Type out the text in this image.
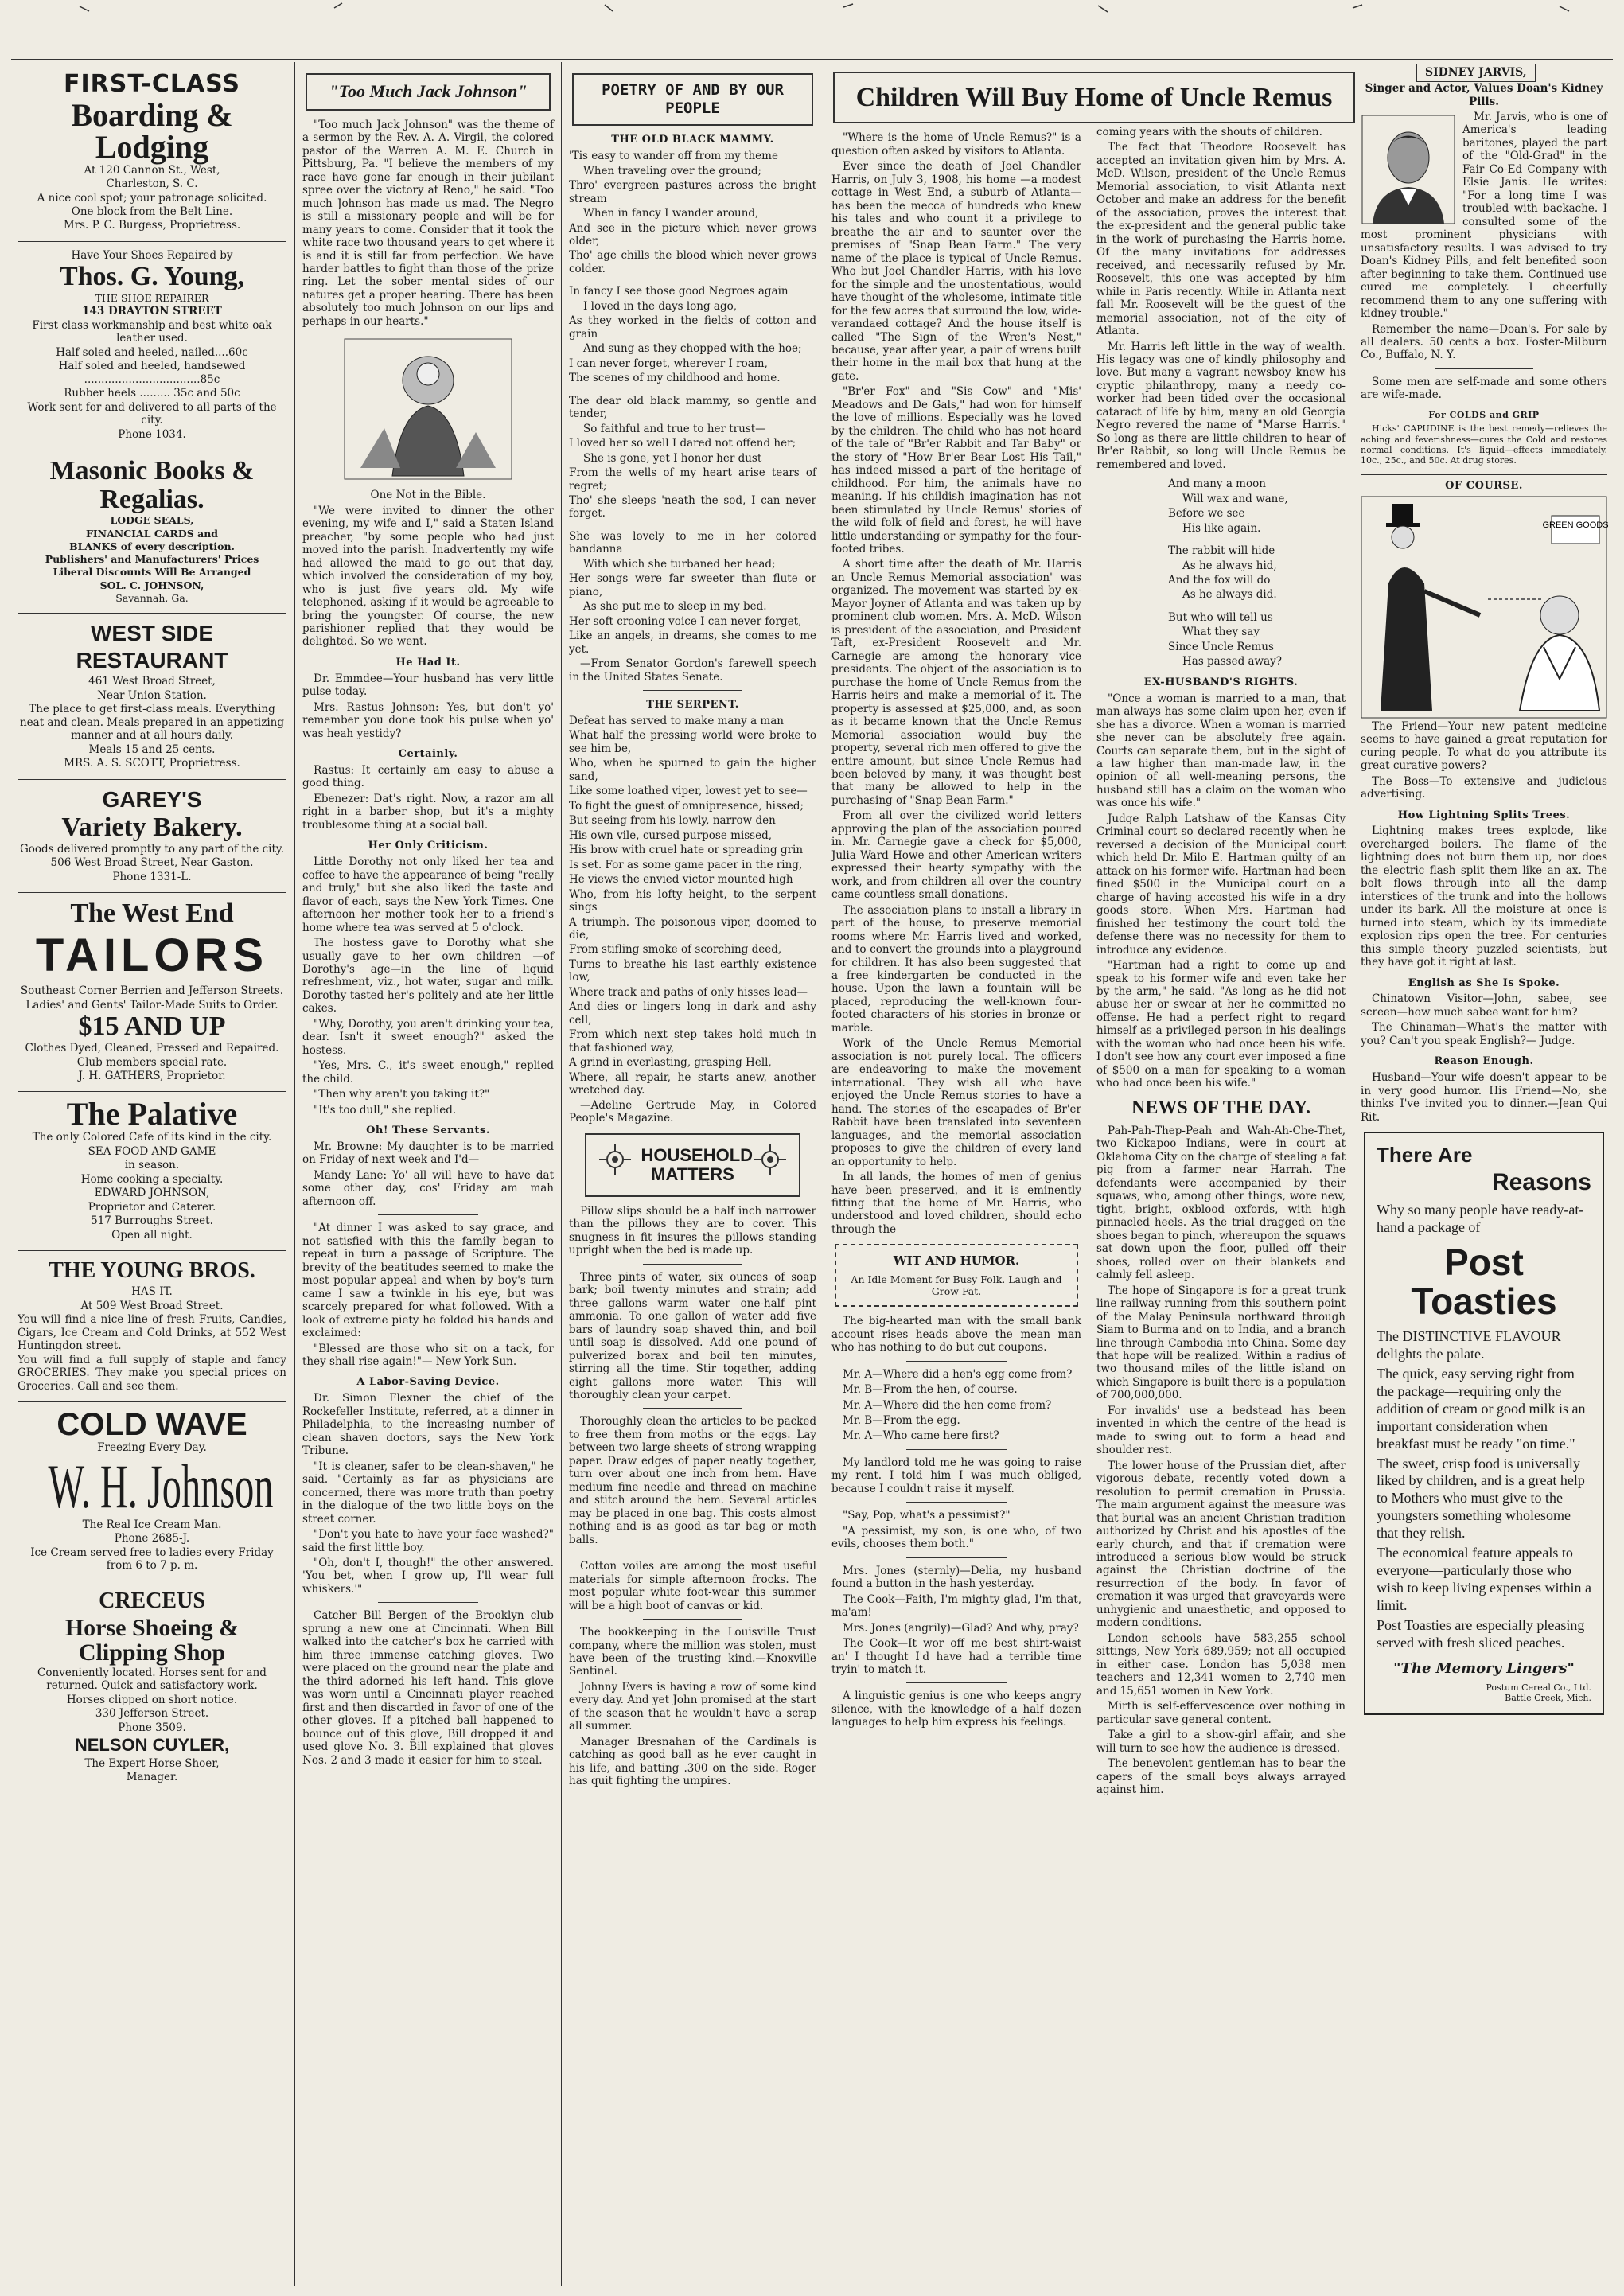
FIRST-CLASS
Boarding & Lodging

At 120 Cannon St., West,

Charleston, S. C.

A nice cool spot; your patronage solicited.

One block from the Belt Line.

Mrs. P. C. Burgess, Proprietress.

Have Your Shoes Repaired by

Thos. G. Young,

THE SHOE REPAIRER

143 DRAYTON STREET

First class workmanship and best white oak leather used.

Half soled and heeled, nailed....60c

Half soled and heeled, handsewed ..................................85c

Rubber heels ......... 35c and 50c

Work sent for and delivered to all parts of the city.

Phone 1034.

Masonic Books &
Regalias.

LODGE SEALS,

FINANCIAL CARDS and

BLANKS of every description.

Publishers' and Manufacturers' Prices

Liberal Discounts Will Be Arranged

SOL. C. JOHNSON,

Savannah, Ga.

WEST SIDE
RESTAURANT

461 West Broad Street,

Near Union Station.

The place to get first-class meals. Everything neat and clean. Meals prepared in an appetizing manner and at all hours daily.

Meals 15 and 25 cents.

MRS. A. S. SCOTT, Proprietress.

GAREY'S
Variety Bakery.

Goods delivered promptly to any part of the city.

506 West Broad Street, Near Gaston.

Phone 1331-L.

The West End
TAILORS

Southeast Corner Berrien and Jefferson Streets.

Ladies' and Gents' Tailor-Made Suits to Order.

$15 AND UP

Clothes Dyed, Cleaned, Pressed and Repaired.

Club members special rate.

J. H. GATHERS, Proprietor.

The Palative

The only Colored Cafe of its kind in the city.

SEA FOOD AND GAME

in season.

Home cooking a specialty.

EDWARD JOHNSON,

Proprietor and Caterer.

517 Burroughs Street.

Open all night.

THE YOUNG BROS.

HAS IT.

At 509 West Broad Street.

You will find a nice line of fresh Fruits, Candies, Cigars, Ice Cream and Cold Drinks, at 552 West Huntingdon street.

You will find a full supply of staple and fancy GROCERIES. They make you special prices on Groceries. Call and see them.

COLD WAVE

Freezing Every Day.

W. H. Johnson

The Real Ice Cream Man.

Phone 2685-J.

Ice Cream served free to ladies every Friday from 6 to 7 p. m.

CRECEUS
Horse Shoeing &
Clipping Shop

Conveniently located. Horses sent for and returned. Quick and satisfactory work.

Horses clipped on short notice.

330 Jefferson Street.

Phone 3509.

NELSON CUYLER,

The Expert Horse Shoer,

Manager.

"Too Much Jack Johnson"

"Too much Jack Johnson" was the theme of a sermon by the Rev. A. A. Virgil, the colored pastor of the Warren A. M. E. Church in Pittsburg, Pa. "I believe the members of my race have gone far enough in their jubilant spree over the victory at Reno," he said. "Too much Johnson has made us mad. The Negro is still a missionary people and will be for many years to come. Consider that it took the white race two thousand years to get where it is and it is still far from perfection. We have harder battles to fight than those of the prize ring. Let the sober mental sides of our natures get a proper hearing. There has been absolutely too much Johnson on our lips and perhaps in our hearts."

One Not in the Bible.

"We were invited to dinner the other evening, my wife and I," said a Staten Island preacher, "by some people who had just moved into the parish. Inadvertently my wife had allowed the maid to go out that day, which involved the consideration of my boy, who is just five years old. My wife telephoned, asking if it would be agreeable to bring the youngster. Of course, the new parishioner replied that they would be delighted. So we went.

He Had It.

Dr. Emmdee—Your husband has very little pulse today.

Mrs. Rastus Johnson: Yes, but don't yo' remember you done took his pulse when yo' was heah yestidy?

Certainly.

Rastus: It certainly am easy to abuse a good thing.

Ebenezer: Dat's right. Now, a razor am all right in a barber shop, but it's a mighty troublesome thing at a social ball.

Her Only Criticism.

Little Dorothy not only liked her tea and coffee to have the appearance of being "really and truly," but she also liked the taste and flavor of each, says the New York Times. One afternoon her mother took her to a friend's home where tea was served at 5 o'clock.

The hostess gave to Dorothy what she usually gave to her own children —of Dorothy's age—in the line of liquid refreshment, viz., hot water, sugar and milk. Dorothy tasted her's politely and ate her little cakes.

"Why, Dorothy, you aren't drinking your tea, dear. Isn't it sweet enough?" asked the hostess.

"Yes, Mrs. C., it's sweet enough," replied the child.

"Then why aren't you taking it?"

"It's too dull," she replied.

Oh! These Servants.

Mr. Browne: My daughter is to be married on Friday of next week and I'd—

Mandy Lane: Yo' all will have to have dat some other day, cos' Friday am mah afternoon off.

"At dinner I was asked to say grace, and not satisfied with this the family began to repeat in turn a passage of Scripture. The brevity of the beatitudes seemed to make the most popular appeal and when by boy's turn came I saw a twinkle in his eye, but was scarcely prepared for what followed. With a look of extreme piety he folded his hands and exclaimed:

"Blessed are those who sit on a tack, for they shall rise again!"— New York Sun.

A Labor-Saving Device.

Dr. Simon Flexner the chief of the Rockefeller Institute, referred, at a dinner in Philadelphia, to the increasing number of clean shaven doctors, says the New York Tribune.

"It is cleaner, safer to be clean-shaven," he said. "Certainly as far as physicians are concerned, there was more truth than poetry in the dialogue of the two little boys on the street corner.

"Don't you hate to have your face washed?" said the first little boy.

"Oh, don't I, though!" the other answered. 'You bet, when I grow up, I'll wear full whiskers.'"

Catcher Bill Bergen of the Brooklyn club sprung a new one at Cincinnati. When Bill walked into the catcher's box he carried with him three immense catching gloves. Two were placed on the ground near the plate and the third adorned his left hand. This glove was worn until a Cincinnati player reached first and then discarded in favor of one of the other gloves. If a pitched ball happened to bounce out of this glove, Bill dropped it and used glove No. 3. Bill explained that gloves Nos. 2 and 3 made it easier for him to steal.

POETRY OF AND BY OUR PEOPLE
THE OLD BLACK MAMMY.

'Tis easy to wander off from my theme

When traveling over the ground;

Thro' evergreen pastures across the bright stream

When in fancy I wander around,

And see in the picture which never grows older,

Tho' age chills the blood which never grows colder.

In fancy I see those good Negroes again

I loved in the days long ago,

As they worked in the fields of cotton and grain

And sung as they chopped with the hoe;

I can never forget, wherever I roam,

The scenes of my childhood and home.

The dear old black mammy, so gentle and tender,

So faithful and true to her trust—

I loved her so well I dared not offend her;

She is gone, yet I honor her dust

From the wells of my heart arise tears of regret;

Tho' she sleeps 'neath the sod, I can never forget.

She was lovely to me in her colored bandanna

With which she turbaned her head;

Her songs were far sweeter than flute or piano,

As she put me to sleep in my bed.

Her soft crooning voice I can never forget,

Like an angels, in dreams, she comes to me yet.

—From Senator Gordon's farewell speech in the United States Senate.

THE SERPENT.

Defeat has served to make many a man

What half the pressing world were broke to see him be,

Who, when he spurned to gain the higher sand,

Like some loathed viper, lowest yet to see—

To fight the guest of omnipresence, hissed;

But seeing from his lowly, narrow den

His own vile, cursed purpose missed,

His brow with cruel hate or spreading grin

Is set. For as some game pacer in the ring,

He views the envied victor mounted high

Who, from his lofty height, to the serpent sings

A triumph. The poisonous viper, doomed to die,

From stifling smoke of scorching deed,

Turns to breathe his last earthly existence low,

Where track and paths of only hisses lead—

And dies or lingers long in dark and ashy cell,

From which next step takes hold much in that fashioned way,

A grind in everlasting, grasping Hell,

Where, all repair, he starts anew, another wretched day.

—Adeline Gertrude May, in Colored People's Magazine.

HOUSEHOLD MATTERS

Pillow slips should be a half inch narrower than the pillows they are to cover. This snugness in fit insures the pillows standing upright when the bed is made up.

Three pints of water, six ounces of soap bark; boil twenty minutes and strain; add three gallons warm water one-half pint ammonia. To one gallon of water add five bars of laundry soap shaved thin, and boil until soap is dissolved. Add one pound of pulverized borax and boil ten minutes, stirring all the time. Stir together, adding eight gallons more water. This will thoroughly clean your carpet.

Thoroughly clean the articles to be packed to free them from moths or the eggs. Lay between two large sheets of strong wrapping paper. Draw edges of paper neatly together, turn over about one inch from hem. Have medium fine needle and thread on machine and stitch around the hem. Several articles may be placed in one bag. This costs almost nothing and is as good as tar bag or moth balls.

Cotton voiles are among the most useful materials for simple afternoon frocks. The most popular white foot-wear this summer will be a high boot of canvas or kid.

The bookkeeping in the Louisville Trust company, where the million was stolen, must have been of the trusting kind.—Knoxville Sentinel.

Johnny Evers is having a row of some kind every day. And yet John promised at the start of the season that he wouldn't have a scrap all summer.

Manager Bresnahan of the Cardinals is catching as good ball as he ever caught in his life, and batting .300 on the side. Roger has quit fighting the umpires.

Children Will Buy Home of Uncle Remus

"Where is the home of Uncle Remus?" is a question often asked by visitors to Atlanta.

Ever since the death of Joel Chandler Harris, on July 3, 1908, his home —a modest cottage in West End, a suburb of Atlanta—has been the mecca of hundreds who knew his tales and who count it a privilege to breathe the air and to saunter over the premises of "Snap Bean Farm." The very name of the place is typical of Uncle Remus. Who but Joel Chandler Harris, with his love for the simple and the unostentatious, would have thought of the wholesome, intimate title for the few acres that surround the low, wide-verandaed cottage? And the house itself is called "The Sign of the Wren's Nest," because, year after year, a pair of wrens built their home in the mail box that hung at the gate.

"Br'er Fox" and "Sis Cow" and "Mis' Meadows and De Gals," had won for himself the love of millions. Especially was he loved by the children. The child who has not heard of the tale of "Br'er Rabbit and Tar Baby" or the story of "How Br'er Bear Lost His Tail," has indeed missed a part of the heritage of childhood. For him, the animals have no meaning. If his childish imagination has not been stimulated by Uncle Remus' stories of the wild folk of field and forest, he will have little understanding or sympathy for the four-footed tribes.

A short time after the death of Mr. Harris an Uncle Remus Memorial association" was organized. The movement was started by ex-Mayor Joyner of Atlanta and was taken up by prominent club women. Mrs. A. McD. Wilson is president of the association, and President Taft, ex-President Roosevelt and Mr. Carnegie are among the honorary vice presidents. The object of the association is to purchase the home of Uncle Remus from the Harris heirs and make a memorial of it. The property is assessed at $25,000, and, as soon as it became known that the Uncle Remus Memorial association would buy the property, several rich men offered to give the entire amount, but since Uncle Remus had been beloved by many, it was thought best that many be allowed to help in the purchasing of "Snap Bean Farm."

From all over the civilized world letters approving the plan of the association poured in. Mr. Carnegie gave a check for $5,000, Julia Ward Howe and other American writers expressed their hearty sympathy with the work, and from children all over the country came countless small donations.

The association plans to install a library in part of the house, to preserve memorial rooms where Mr. Harris lived and worked, and to convert the grounds into a playground for children. It has also been suggested that a free kindergarten be conducted in the house. Upon the lawn a fountain will be placed, reproducing the well-known four-footed characters of his stories in bronze or marble.

Work of the Uncle Remus Memorial association is not purely local. The officers are endeavoring to make the movement international. They wish all who have enjoyed the Uncle Remus stories to have a hand. The stories of the escapades of Br'er Rabbit have been translated into seventeen languages, and the memorial association proposes to give the children of every land an opportunity to help.

In all lands, the homes of men of genius have been preserved, and it is eminently fitting that the home of Mr. Harris, who understood and loved children, should echo through the

WIT AND HUMOR.
An Idle Moment for Busy Folk. Laugh and Grow Fat.

The big-hearted man with the small bank account rises heads above the mean man who has nothing to do but cut coupons.

Mr. A—Where did a hen's egg come from?

Mr. B—From the hen, of course.

Mr. A—Where did the hen come from?

Mr. B—From the egg.

Mr. A—Who came here first?

My landlord told me he was going to raise my rent. I told him I was much obliged, because I couldn't raise it myself.

"Say, Pop, what's a pessimist?"

"A pessimist, my son, is one who, of two evils, chooses them both."

Mrs. Jones (sternly)—Delia, my husband found a button in the hash yesterday.

The Cook—Faith, I'm mighty glad, I'm that, ma'am!

Mrs. Jones (angrily)—Glad? And why, pray?

The Cook—It wor off me best shirt-waist an' I thought I'd have had a terrible time tryin' to match it.

A linguistic genius is one who keeps angry silence, with the knowledge of a half dozen languages to help him express his feelings.

coming years with the shouts of children.

The fact that Theodore Roosevelt has accepted an invitation given him by Mrs. A. McD. Wilson, president of the Uncle Remus Memorial association, to visit Atlanta next October and make an address for the benefit of the association, proves the interest that the ex-president and the general public take in the work of purchasing the Harris home. Of the many invitations for addresses received, and necessarily refused by Mr. Roosevelt, this one was accepted by him while in Paris recently. While in Atlanta next fall Mr. Roosevelt will be the guest of the memorial association, not of the city of Atlanta.

Mr. Harris left little in the way of wealth. His legacy was one of kindly philosophy and love. But many a vagrant newsboy knew his cryptic philanthropy, many a needy co-worker had been tided over the occasional cataract of life by him, many an old Georgia Negro revered the name of "Marse Harris." So long as there are little children to hear of Br'er Rabbit, so long will Uncle Remus be remembered and loved.

And many a moon

Will wax and wane,

Before we see

His like again.

The rabbit will hide

As he always hid,

And the fox will do

As he always did.

But who will tell us

What they say

Since Uncle Remus

Has passed away?

EX-HUSBAND'S RIGHTS.

"Once a woman is married to a man, that man always has some claim upon her, even if she has a divorce. When a woman is married she never can be absolutely free again. Courts can separate them, but in the sight of a law higher than man-made law, in the opinion of all well-meaning persons, the husband still has a claim on the woman who was once his wife."

Judge Ralph Latshaw of the Kansas City Criminal court so declared recently when he reversed a decision of the Municipal court which held Dr. Milo E. Hartman guilty of an attack on his former wife. Hartman had been fined $500 in the Municipal court on a charge of having accosted his wife in a dry goods store. When Mrs. Hartman had finished her testimony the court told the defense there was no necessity for them to introduce any evidence.

"Hartman had a right to come up and speak to his former wife and even take her by the arm," he said. "As long as he did not abuse her or swear at her he committed no offense. He had a perfect right to regard himself as a privileged person in his dealings with the woman who had once been his wife. I don't see how any court ever imposed a fine of $500 on a man for speaking to a woman who had once been his wife."

NEWS OF THE DAY.

Pah-Pah-Thep-Peah and Wah-Ah-Che-Thet, two Kickapoo Indians, were in court at Oklahoma City on the charge of stealing a fat pig from a farmer near Harrah. The defendants were accompanied by their squaws, who, among other things, wore new, tight, bright, oxblood oxfords, with high pinnacled heels. As the trial dragged on the shoes began to pinch, whereupon the squaws sat down upon the floor, pulled off their shoes, rolled over on their blankets and calmly fell asleep.

The hope of Singapore is for a great trunk line railway running from this southern point of the Malay Peninsula northward through Siam to Burma and on to India, and a branch line through Cambodia into China. Some day that hope will be realized. Within a radius of two thousand miles of the little island on which Singapore is built there is a population of 700,000,000.

For invalids' use a bedstead has been invented in which the centre of the head is made to swing out to form a head and shoulder rest.

The lower house of the Prussian diet, after vigorous debate, recently voted down a resolution to permit cremation in Prussia. The main argument against the measure was that burial was an ancient Christian tradition authorized by Christ and his apostles of the early church, and that if cremation were introduced a serious blow would be struck against the Christian doctrine of the resurrection of the body. In favor of cremation it was urged that graveyards were unhygienic and unaesthetic, and opposed to modern conditions.

London schools have 583,255 school sittings, New York 689,959; not all occupied in either case. London has 5,038 men teachers and 12,341 women to 2,740 men and 15,651 women in New York.

Mirth is self-effervescence over nothing in particular save general content.

Take a girl to a show-girl affair, and she will turn to see how the audience is dressed.

The benevolent gentleman has to bear the capers of the small boys always arrayed against him.

SIDNEY JARVIS,

Singer and Actor, Values Doan's Kidney Pills.

Mr. Jarvis, who is one of America's leading baritones, played the part of the "Old-Grad" in the Fair Co-Ed Company with Elsie Janis. He writes: "For a long time I was troubled with backache. I consulted some of the most prominent physicians with unsatisfactory results. I was advised to try Doan's Kidney Pills, and felt benefited soon after beginning to take them. Continued use cured me completely. I cheerfully recommend them to any one suffering with kidney trouble."

Remember the name—Doan's. For sale by all dealers. 50 cents a box. Foster-Milburn Co., Buffalo, N. Y.

Some men are self-made and some others are wife-made.

For COLDS and GRIP

Hicks' CAPUDINE is the best remedy—relieves the aching and feverishness—cures the Cold and restores normal conditions. It's liquid—effects immediately. 10c., 25c., and 50c. At drug stores.

OF COURSE.
GREEN GOODS

The Friend—Your new patent medicine seems to have gained a great reputation for curing people. To what do you attribute its great curative powers?

The Boss—To extensive and judicious advertising.

How Lightning Splits Trees.

Lightning makes trees explode, like overcharged boilers. The flame of the lightning does not burn them up, nor does the electric flash split them like an ax. The bolt flows through into all the damp interstices of the trunk and into the hollows under its bark. All the moisture at once is turned into steam, which by its immediate explosion rips open the tree. For centuries this simple theory puzzled scientists, but they have got it right at last.

English as She Is Spoke.

Chinatown Visitor—John, sabee, see screen—how much sabee want for him?

The Chinaman—What's the matter with you? Can't you speak English?— Judge.

Reason Enough.

Husband—Your wife doesn't appear to be in very good humor. His Friend—No, she thinks I've invited you to dinner.—Jean Qui Rit.

There Are
Reasons

Why so many people have ready-at-hand a package of

Post
Toasties

The DISTINCTIVE FLAVOUR delights the palate.

The quick, easy serving right from the package—requiring only the addition of cream or good milk is an important consideration when breakfast must be ready "on time."

The sweet, crisp food is universally liked by children, and is a great help to Mothers who must give to the youngsters something wholesome that they relish.

The economical feature appeals to everyone—particularly those who wish to keep living expenses within a limit.

Post Toasties are especially pleasing served with fresh sliced peaches.

"The Memory Lingers"
Postum Cereal Co., Ltd.
Battle Creek, Mich.
